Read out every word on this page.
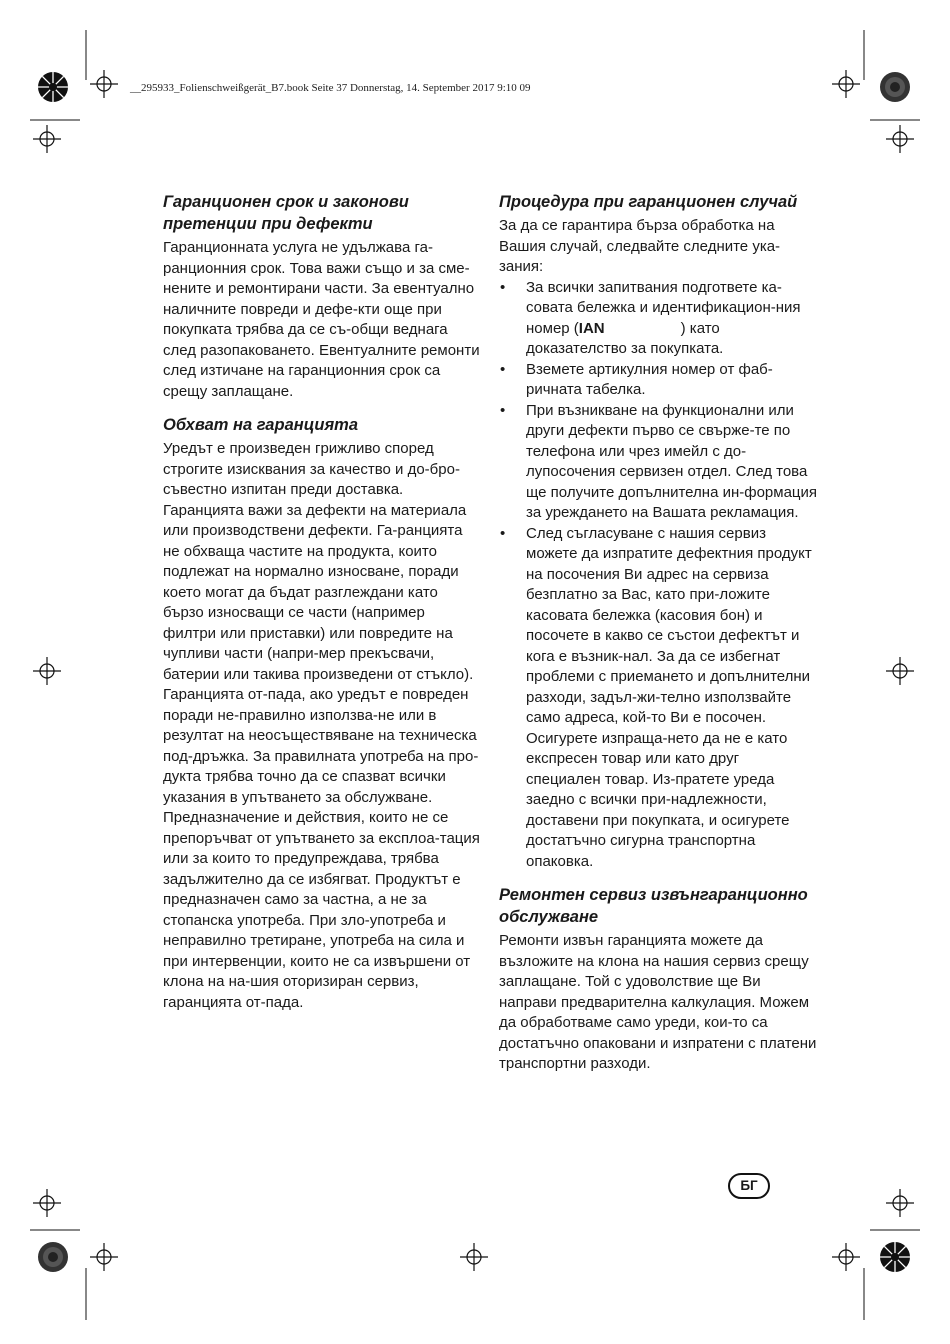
__295933_Folienschweißgerät_B7.book Seite 37 Donnerstag, 14. September 2017 9:10 09
Гаранционен срок и законови претенции при дефекти

Гаранционната услуга не удължава га-ранционния срок. Това важи също и за сме-нените и ремонтирани части. За евентуално наличните повреди и дефе-кти още при покупката трябва да се съ-общи веднага след разопаковането. Евентуалните ремонти след изтичане на гаранционния срок са срещу заплащане.

Обхват на гаранцията

Уредът е произведен грижливо според строгите изисквания за качество и до-бро-съвестно изпитан преди доставка. Гаранцията важи за дефекти на материала или производствени дефекти. Га-ранцията не обхваща частите на продукта, които подлежат на нормално износване, поради което могат да бъдат разглеждани като бързо износващи се части (например филтри или приставки) или повредите на чупливи части (напри-мер прекъсвачи, батерии или такива произведени от стъкло). Гаранцията от-пада, ако уредът е повреден поради не-правилно използва-не или в резултат на неосъществяване на техническа под-дръжка. За правилната употреба на про-дукта трябва точно да се спазват всички указания в упътването за обслужване. Предназначение и действия, които не се препоръчват от упътването за експлоа-тация или за които то предупреждава, трябва задължително да се избягват. Продуктът е предназначен само за частна, а не за стопанска употреба. При зло-употреба и неправилно третиране, употреба на сила и при интервенции, които не са извършени от клона на на-шия оторизиран сервиз, гаранцията от-пада.

Процедура при гаранционен случай

За да се гарантира бърза обработка на Вашия случай, следвайте следните ука-зания:

• За всички запитвания подгответе ка-совата бележка и идентификацион-ния номер (IAN	) като доказателство за покупката.
• Вземете артикулния номер от фаб-ричната табелка.
• При възникване на функционални или други дефекти първо се свърже-те по телефона или чрез имейл с до-лупосочения сервизен отдел. След това ще получите допълнителна ин-формация за уреждането на Вашата рекламация.
• След съгласуване с нашия сервиз можете да изпратите дефектния продукт на посочения Ви адрес на сервиза безплатно за Вас, като при-ложите касовата бележка (касовия бон) и посочете в какво се състои дефектът и кога е възник-нал. За да се избегнат проблеми с приемането и допълнителни разходи, задъл-жи-телно използвайте само адреса, кой-то Ви е посочен. Осигурете изпраща-нето да не е като експресен товар или като друг специален товар. Из-пратете уреда заедно с всички при-надлежности, доставени при покупката, и осигурете достатъчно сигурна транспортна опаковка.
Ремонтен сервиз извънгаранционно обслужване

Ремонти извън гаранцията можете да възложите на клона на нашия сервиз срещу заплащане. Той с удоволствие ще Ви направи предварителна калкулация. Можем да обработваме само уреди, кои-то са достатъчно опаковани и изпратени с платени транспортни разходи.

БГ
